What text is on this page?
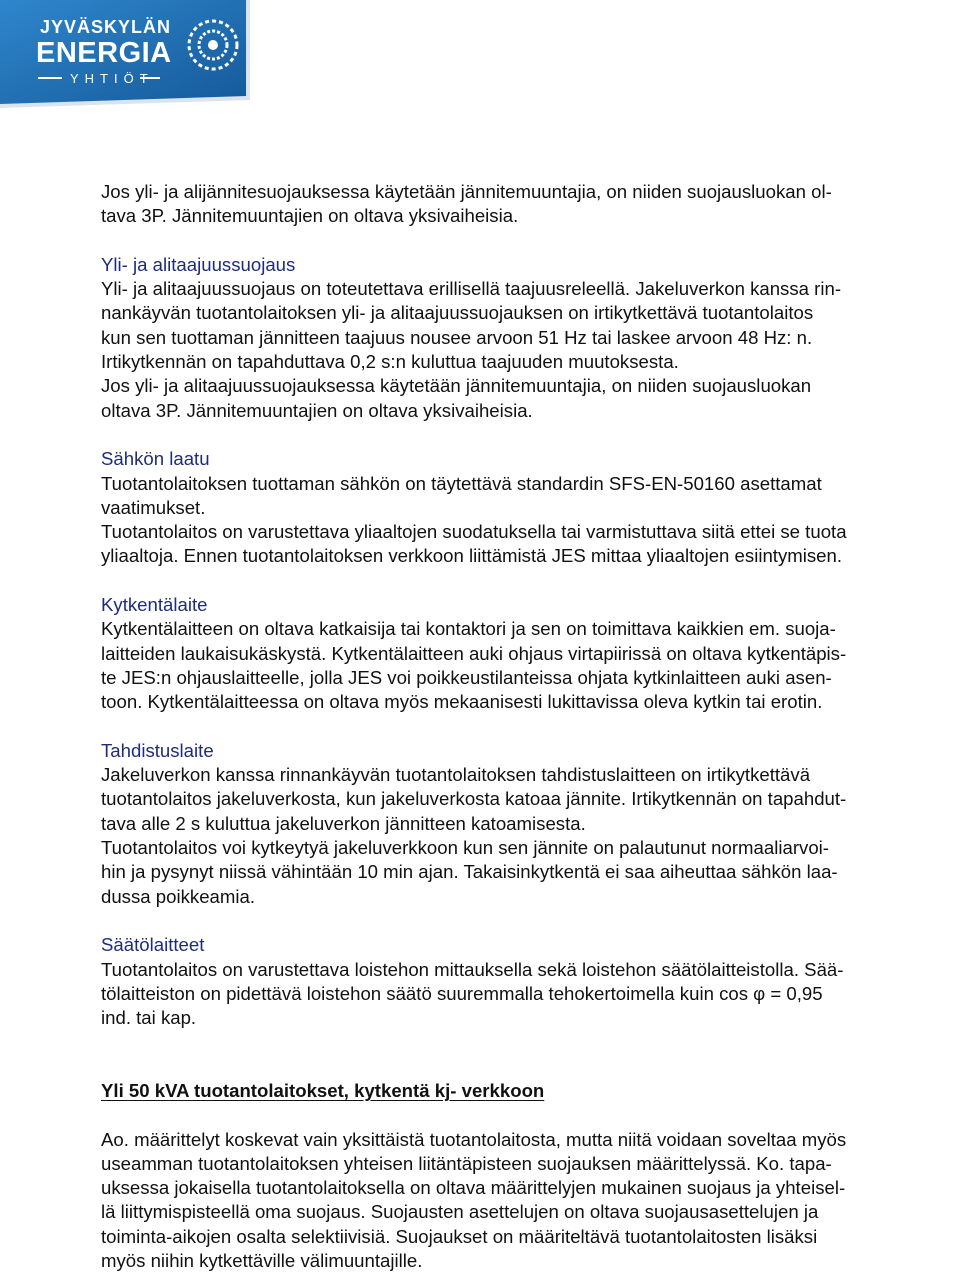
JYVÄSKYLÄN
ENERGIA
YHTIÖT

Jos yli- ja alijännitesuojauksessa käytetään jännitemuuntajia, on niiden suojausluokan ol-

tava 3P. Jännitemuuntajien on oltava yksivaiheisia.

Yli- ja alitaajuussuojaus

Yli- ja alitaajuussuojaus on toteutettava erillisellä taajuusreleellä. Jakeluverkon kanssa rin-

nankäyvän tuotantolaitoksen yli- ja alitaajuussuojauksen on irtikytkettävä tuotantolaitos

kun sen tuottaman jännitteen taajuus nousee arvoon 51 Hz tai laskee arvoon 48 Hz: n.

Irtikytkennän on tapahduttava 0,2 s:n kuluttua taajuuden muutoksesta.

Jos yli- ja alitaajuussuojauksessa käytetään jännitemuuntajia, on niiden suojausluokan

oltava 3P. Jännitemuuntajien on oltava yksivaiheisia.

Sähkön laatu

Tuotantolaitoksen tuottaman sähkön on täytettävä standardin SFS-EN-50160 asettamat

vaatimukset.

Tuotantolaitos on varustettava yliaaltojen suodatuksella tai varmistuttava siitä ettei se tuota

yliaaltoja. Ennen tuotantolaitoksen verkkoon liittämistä JES mittaa yliaaltojen esiintymisen.

Kytkentälaite

Kytkentälaitteen on oltava katkaisija tai kontaktori ja sen on toimittava kaikkien em. suoja-

laitteiden laukaisukäskystä. Kytkentälaitteen auki ohjaus virtapiirissä on oltava kytkentäpis-

te JES:n ohjauslaitteelle, jolla JES voi poikkeustilanteissa ohjata kytkinlaitteen auki asen-

toon. Kytkentälaitteessa on oltava myös mekaanisesti lukittavissa oleva kytkin tai erotin.

Tahdistuslaite

Jakeluverkon kanssa rinnankäyvän tuotantolaitoksen tahdistuslaitteen on irtikytkettävä

tuotantolaitos jakeluverkosta, kun jakeluverkosta katoaa jännite. Irtikytkennän on tapahdut-

tava alle 2 s kuluttua jakeluverkon jännitteen katoamisesta.

Tuotantolaitos voi kytkeytyä jakeluverkkoon kun sen jännite on palautunut normaaliarvoi-

hin ja pysynyt niissä vähintään 10 min ajan. Takaisinkytkentä ei saa aiheuttaa sähkön laa-

dussa poikkeamia.

Säätölaitteet

Tuotantolaitos on varustettava loistehon mittauksella sekä loistehon säätölaitteistolla. Sää-

tölaitteiston on pidettävä loistehon säätö suuremmalla tehokertoimella kuin cos φ = 0,95

ind. tai kap.

Yli 50 kVA tuotantolaitokset, kytkentä kj- verkkoon

Ao. määrittelyt koskevat vain yksittäistä tuotantolaitosta, mutta niitä voidaan soveltaa myös

useamman tuotantolaitoksen yhteisen liitäntäpisteen suojauksen määrittelyssä. Ko. tapa-

uksessa jokaisella tuotantolaitoksella on oltava määrittelyjen mukainen suojaus ja yhteisel-

lä liittymispisteellä oma suojaus. Suojausten asettelujen on oltava suojausasettelujen ja

toiminta-aikojen osalta selektiivisiä. Suojaukset on määriteltävä tuotantolaitosten lisäksi

myös niihin kytkettäville välimuuntajille.
